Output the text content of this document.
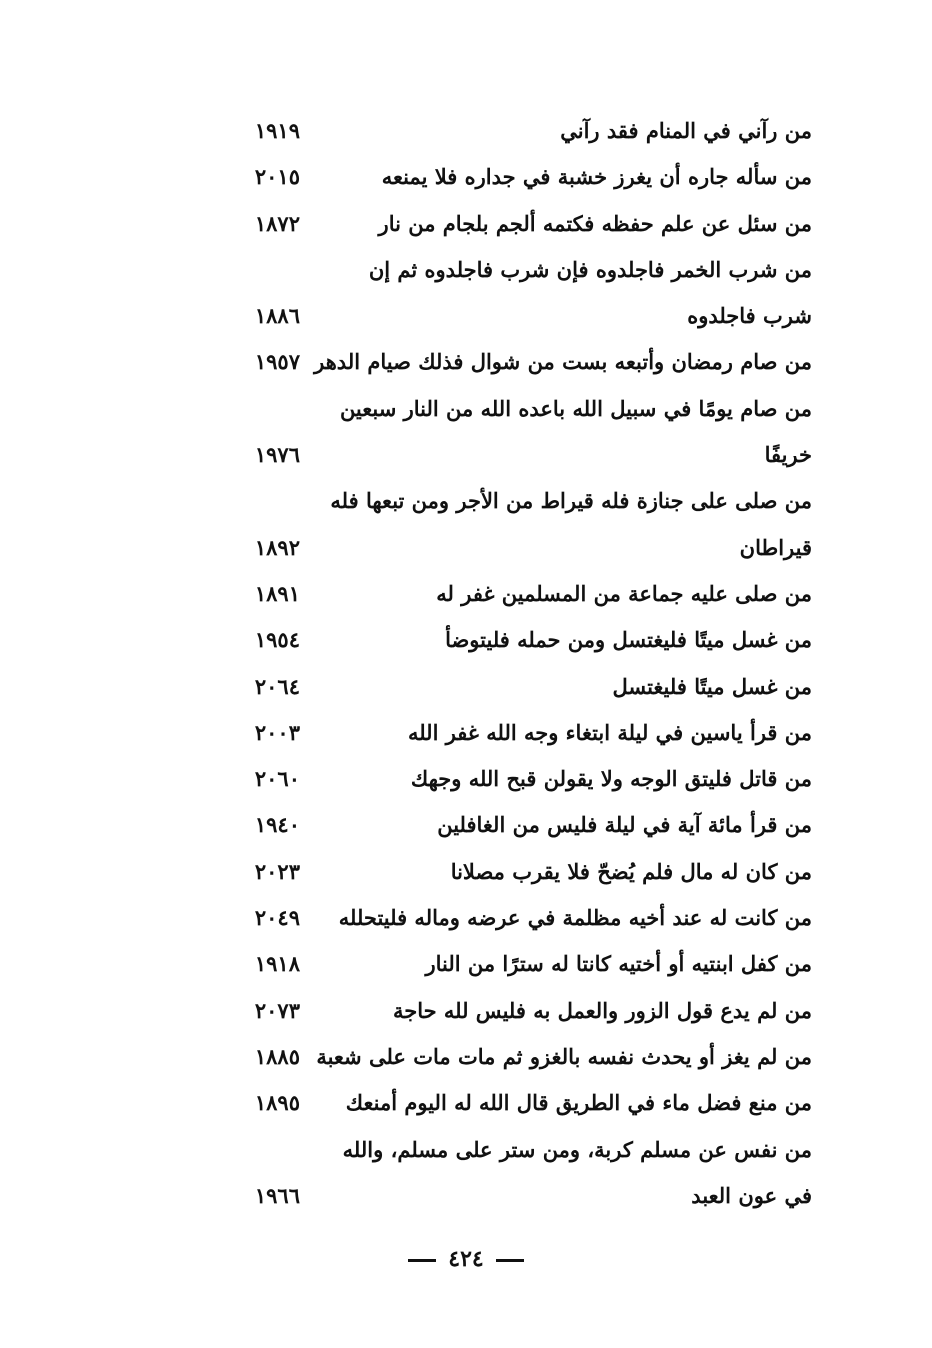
من رآني في المنام فقد رآني
١٩١٩
من سأله جاره أن يغرز خشبة في جداره فلا يمنعه
٢٠١٥
من سئل عن علم حفظه فكتمه ألجم بلجام من نار
١٨٧٢
من شرب الخمر فاجلدوه فإن شرب فاجلدوه ثم إن
شرب فاجلدوه
١٨٨٦
من صام رمضان وأتبعه بست من شوال فذلك صيام الدهر
١٩٥٧
من صام يومًا في سبيل الله باعده الله من النار سبعين
خريفًا
١٩٧٦
من صلى على جنازة فله قيراط من الأجر ومن تبعها فله
قيراطان
١٨٩٢
من صلى عليه جماعة من المسلمين غفر له
١٨٩١
من غسل ميتًا فليغتسل ومن حمله فليتوضأ
١٩٥٤
من غسل ميتًا فليغتسل
٢٠٦٤
من قرأ ياسين في ليلة ابتغاء وجه الله غفر الله
٢٠٠٣
من قاتل فليتق الوجه ولا يقولن قبح الله وجهك
٢٠٦٠
من قرأ مائة آية في ليلة فليس من الغافلين
١٩٤٠
من كان له مال فلم يُضحّ فلا يقرب مصلانا
٢٠٢٣
من كانت له عند أخيه مظلمة في عرضه وماله فليتحلله
٢٠٤٩
من كفل ابنتيه أو أختيه كانتا له سترًا من النار
١٩١٨
من لم يدع قول الزور والعمل به فليس لله حاجة
٢٠٧٣
من لم يغز أو يحدث نفسه بالغزو ثم مات مات على شعبة
١٨٨٥
من منع فضل ماء في الطريق قال الله له اليوم أمنعك
١٨٩٥
من نفس عن مسلم كربة، ومن ستر على مسلم، والله
في عون العبد
١٩٦٦
٤٢٤
